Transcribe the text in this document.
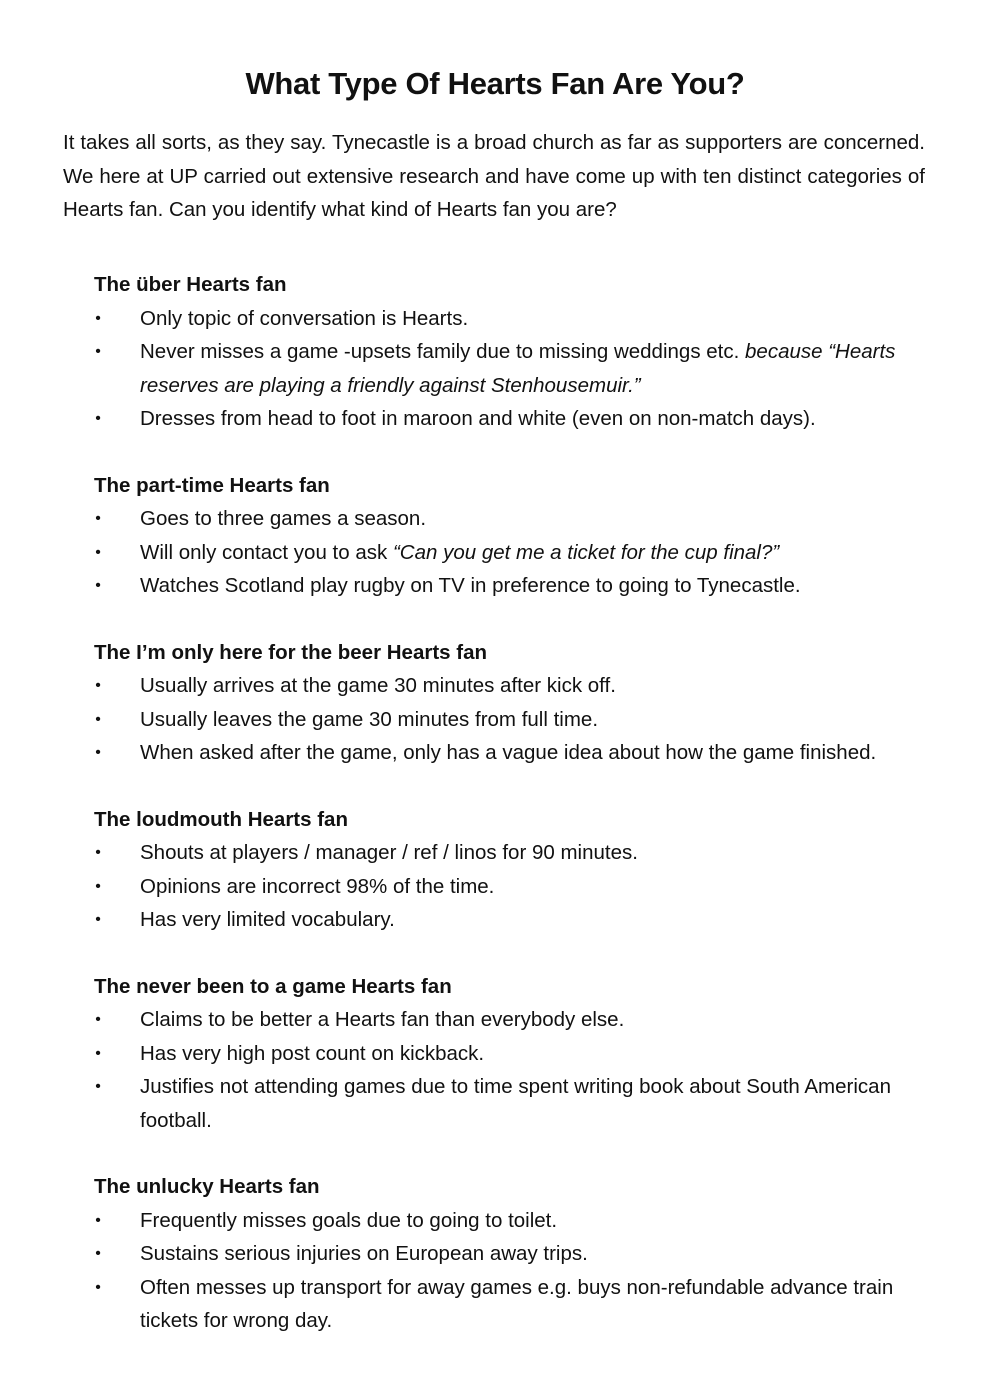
What Type Of Hearts Fan Are You?

It takes all sorts, as they say. Tynecastle is a broad church as far as supporters are concerned. We here at UP carried out extensive research and have come up with ten distinct categories of Hearts fan. Can you identify what kind of Hearts fan you are?

The über Hearts fan
• Only topic of conversation is Hearts.
• Never misses a game -upsets family due to missing weddings etc. because “Hearts reserves are playing a friendly against Stenhousemuir.”
• Dresses from head to foot in maroon and white (even on non-match days).
The part-time Hearts fan
• Goes to three games a season.
• Will only contact you to ask “Can you get me a ticket for the cup final?”
• Watches Scotland play rugby on TV in preference to going to Tynecastle.
The I’m only here for the beer Hearts fan
• Usually arrives at the game 30 minutes after kick off.
• Usually leaves the game 30 minutes from full time.
• When asked after the game, only has a vague idea about how the game finished.
The loudmouth Hearts fan
• Shouts at players / manager / ref / linos for 90 minutes.
• Opinions are incorrect 98% of the time.
• Has very limited vocabulary.
The never been to a game Hearts fan
• Claims to be better a Hearts fan than everybody else.
• Has very high post count on kickback.
• Justifies not attending games due to time spent writing book about South American football.
The unlucky Hearts fan
• Frequently misses goals due to going to toilet.
• Sustains serious injuries on European away trips.
• Often messes up transport for away games e.g. buys non-refundable advance train tickets for wrong day.
